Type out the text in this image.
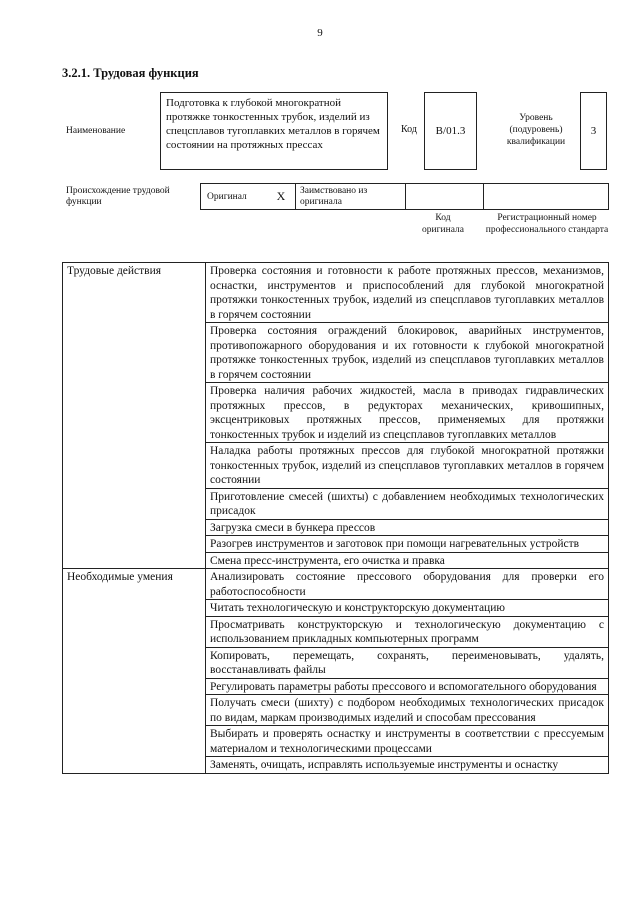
9
3.2.1. Трудовая функция
Наименование
Подготовка к глубокой многократной протяжке тонкостенных трубок, изделий из спецсплавов тугоплавких металлов в горячем состоянии на протяжных прессах
Код	B/01.3
Уровень (подуровень) квалификации
3
Происхождение трудовой функции
Оригинал	X	Заимствовано из оригинала
Код оригинала
Регистрационный номер профессионального стандарта
Трудовые действия	Проверка состояния и готовности к работе протяжных прессов, механизмов, оснастки, инструментов и приспособлений для глубокой многократной протяжки тонкостенных трубок, изделий из спецсплавов тугоплавких металлов в горячем состоянии
	Проверка состояния ограждений блокировок, аварийных инструментов, противопожарного оборудования и их готовности к глубокой многократной протяжке тонкостенных трубок, изделий из спецсплавов тугоплавких металлов в горячем состоянии
	Проверка наличия рабочих жидкостей, масла в приводах гидравлических протяжных прессов, в редукторах механических, кривошипных, эксцентриковых протяжных прессов, применяемых для протяжки тонкостенных трубок и изделий из спецсплавов тугоплавких металлов
	Наладка работы протяжных прессов для глубокой многократной протяжки тонкостенных трубок, изделий из спецсплавов тугоплавких металлов в горячем состоянии
	Приготовление смесей (шихты) с добавлением необходимых технологических присадок
	Загрузка смеси в бункера прессов
	Разогрев инструментов и заготовок при помощи нагревательных устройств
	Смена пресс-инструмента, его очистка и правка
Необходимые умения	Анализировать состояние прессового оборудования для проверки его работоспособности
	Читать технологическую и конструкторскую документацию
	Просматривать конструкторскую и технологическую документацию с использованием прикладных компьютерных программ
	Копировать, перемещать, сохранять, переименовывать, удалять, восстанавливать файлы
	Регулировать параметры работы прессового и вспомогательного оборудования
	Получать смеси (шихту) с подбором необходимых технологических присадок по видам, маркам производимых изделий и способам прессования
	Выбирать и проверять оснастку и инструменты в соответствии с прессуемым материалом и технологическими процессами
	Заменять, очищать, исправлять используемые инструменты и оснастку
